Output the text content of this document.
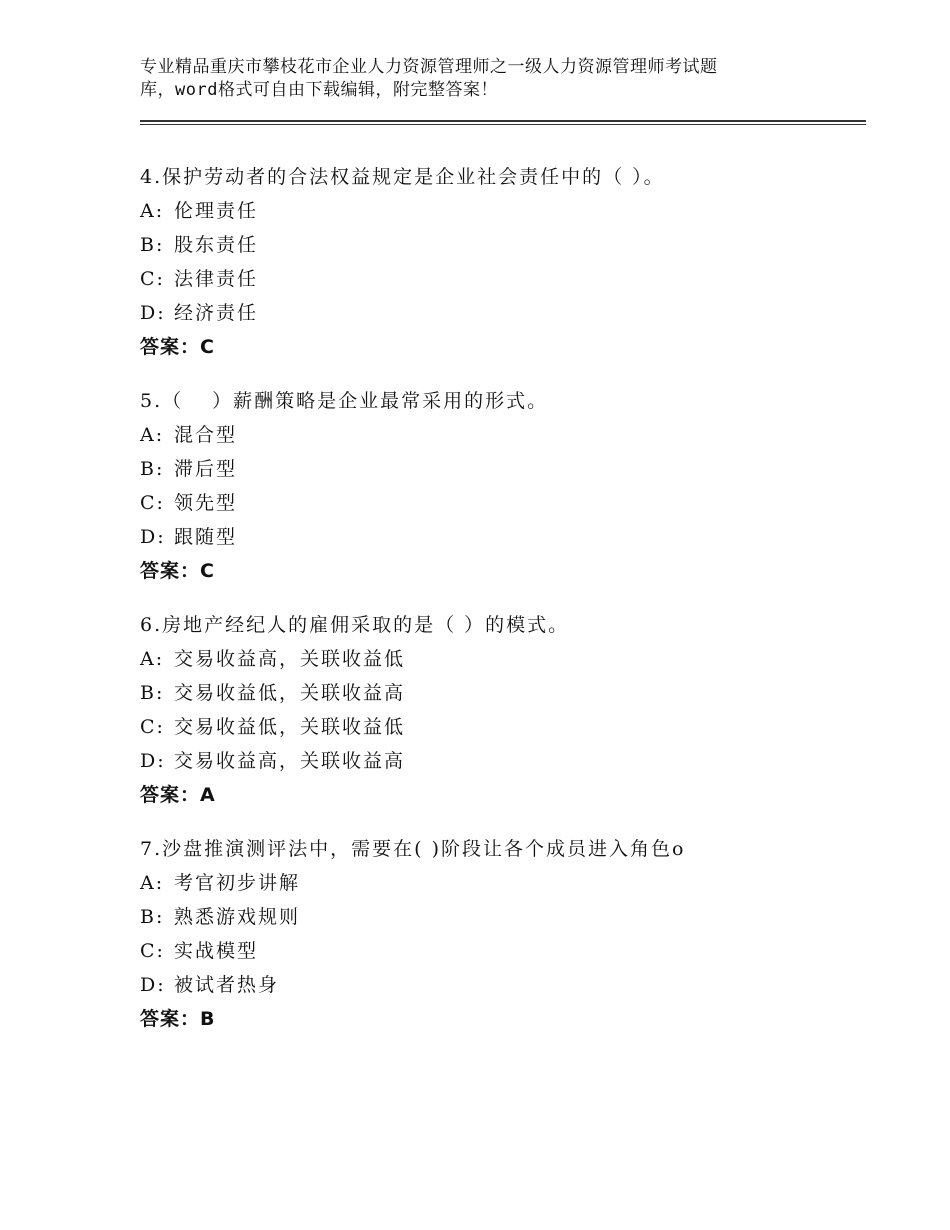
专业精品重庆市攀枝花市企业人力资源管理师之一级人力资源管理师考试题
库，word格式可自由下载编辑，附完整答案！
4.保护劳动者的合法权益规定是企业社会责任中的（ ）。
A: 伦理责任
B: 股东责任
C: 法律责任
D: 经济责任
答案：C
5.（　 ）薪酬策略是企业最常采用的形式。
A: 混合型
B: 滞后型
C: 领先型
D: 跟随型
答案：C
6.房地产经纪人的雇佣采取的是（ ）的模式。
A: 交易收益高，关联收益低
B: 交易收益低，关联收益高
C: 交易收益低，关联收益低
D: 交易收益高，关联收益高
答案：A
7.沙盘推演测评法中，需要在( )阶段让各个成员进入角色o
A: 考官初步讲解
B: 熟悉游戏规则
C: 实战模型
D: 被试者热身
答案：B
